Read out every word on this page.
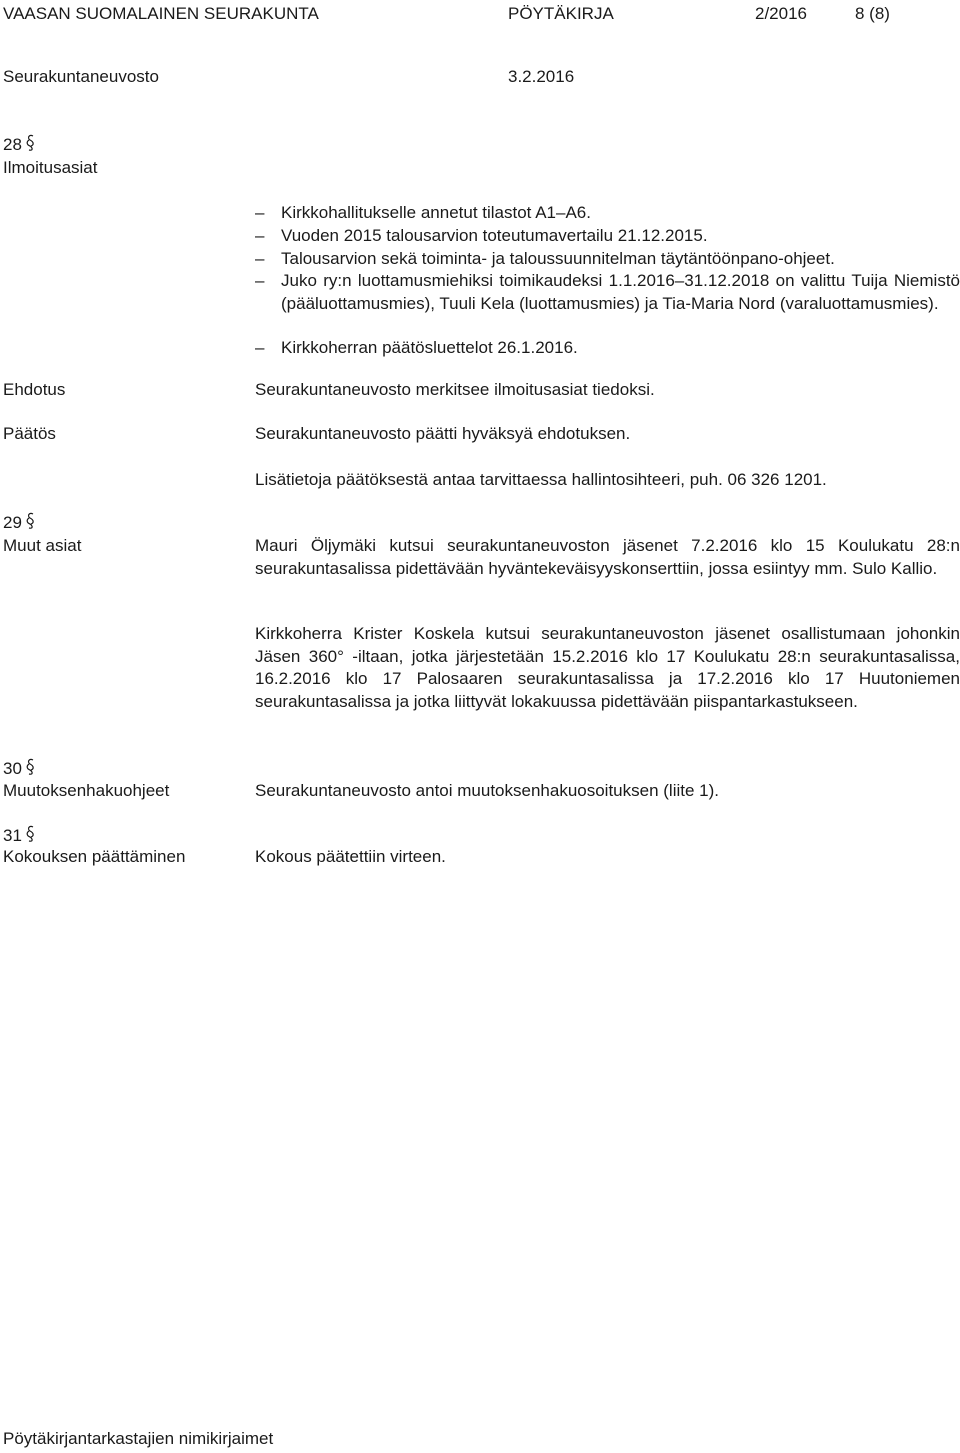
VAASAN SUOMALAINEN SEURAKUNTA	PÖYTÄKIRJA	2/2016	8 (8)
Seurakuntaneuvosto	3.2.2016
28
Ilmoitusasiat
– Kirkkohallitukselle annetut tilastot A1–A6.
– Vuoden 2015 talousarvion toteutumavertailu 21.12.2015.
– Talousarvion sekä toiminta- ja taloussuunnitelman täytäntöönpano-ohjeet.
– Juko ry:n luottamusmiehiksi toimikaudeksi 1.1.2016–31.12.2018 on valittu Tuija Niemistö (pääluottamusmies), Tuuli Kela (luottamusmies) ja Tia-Maria Nord (varaluottamusmies).
– Kirkkoherran päätösluettelot 26.1.2016.
Ehdotus	Seurakuntaneuvosto merkitsee ilmoitusasiat tiedoksi.
Päätös	Seurakuntaneuvosto päätti hyväksyä ehdotuksen.
Lisätietoja päätöksestä antaa tarvittaessa hallintosihteeri, puh. 06 326 1201.
29
Muut asiat	Mauri Öljymäki kutsui seurakuntaneuvoston jäsenet 7.2.2016 klo 15 Koulukatu 28:n seurakuntasalissa pidettävään hyväntekeväisyyskonserttiin, jossa esiintyy mm. Sulo Kallio.
Kirkkoherra Krister Koskela kutsui seurakuntaneuvoston jäsenet osallistumaan johonkin Jäsen 360° -iltaan, jotka järjestetään 15.2.2016 klo 17 Koulukatu 28:n seurakuntasalissa, 16.2.2016 klo 17 Palosaaren seurakuntasalissa ja 17.2.2016 klo 17 Huutoniemen seurakuntasalissa ja jotka liittyvät lokakuussa pidettävään piispantarkastukseen.
30
Muutoksenhakuohjeet	Seurakuntaneuvosto antoi muutoksenhakuosoituksen (liite 1).
31
Kokouksen päättäminen	Kokous päätettiin virteen.
Pöytäkirjantarkastajien nimikirjaimet
